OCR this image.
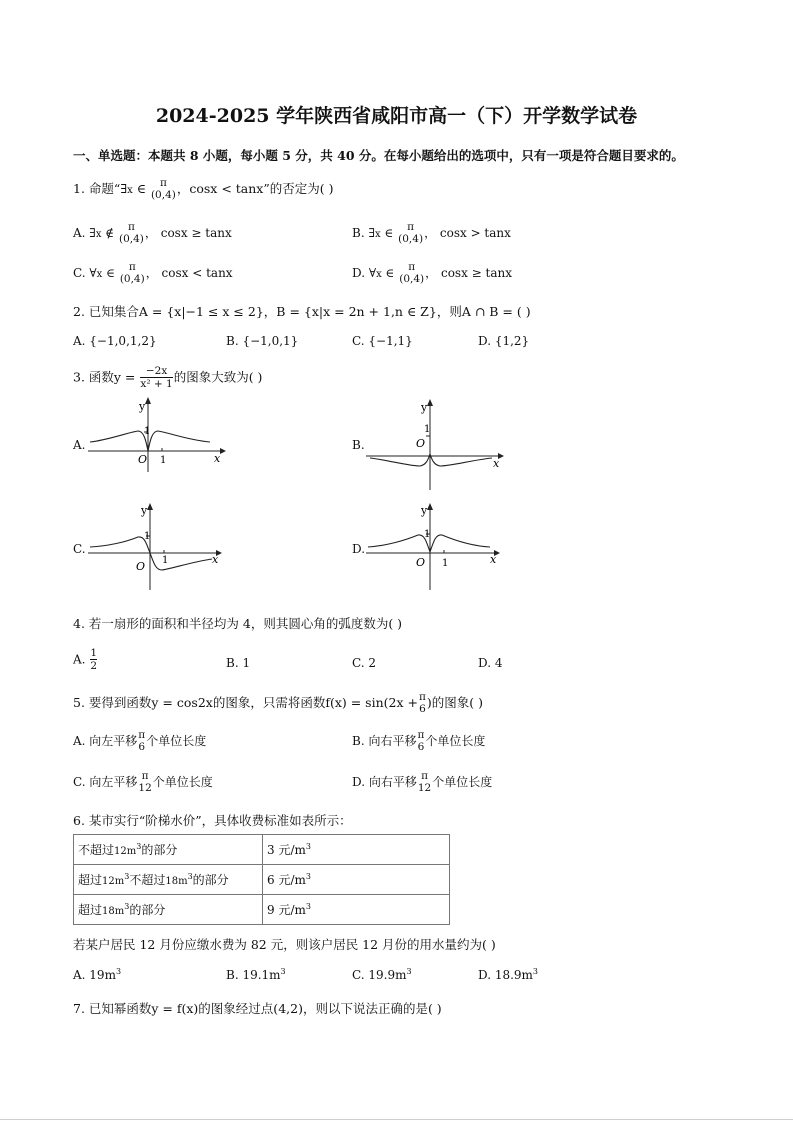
2024-2025 学年陕西省咸阳市高一（下）开学数学试卷
一、单选题：本题共 8 小题，每小题 5 分，共 40 分。在每小题给出的选项中，只有一项是符合题目要求的。
1. 命题“∃x ∈	π
(0,4) ，cosx < tanx”的否定为( )
A. ∃x ∉	π
(0,4) ， cosx ≥ tanx	B. ∃x ∈	π
(0,4) ， cosx > tanx
C. ∀x ∈	π
(0,4) ， cosx < tanx	D. ∀x ∈	π
(0,4) ， cosx ≥ tanx
2. 已知集合A = {x|−1 ≤ x ≤ 2}，B = {x|x = 2n + 1,n ∈ Z}，则A ∩ B = ( )
A. {−1,0,1,2}	B. {−1,0,1}	C. {−1,1}	D. {1,2}
3. 函数$y = \frac{-2x}{\text{x² + 1}}$ 的图象大致为( )
A.	B.
C.	D.
y
x
O
1
1
y
x
O
1
y
x
O
1
1
y
x
O
1
1
4. 若一扇形的面积和半径均为 4，则其圆心角的弧度数为( )
A. $\frac{1}{2}$	B. 1	C. 2	D. 4
5. 要得到函数y = cos2x的图象，只需将函数f(x) = sin(2x + π
6 )的图象( )
A. 向左平移 π
6 个单位长度	B. 向右平移 π
6 个单位长度
C. 向左平移 π
12 个单位长度	D. 向右平移 π
12 个单位长度
6. 某市实行“阶梯水价”，具体收费标准如表所示：
不超过$12m^3$的部分	3 元$/m^3$
超过$12m^3$不超过$18m^3$的部分	6 元$/m^3$
超过$18m^3$的部分	9 元$/m^3$
若某户居民 12 月份应缴水费为 82 元，则该户居民 12 月份的用水量约为( )
A. $19m^3$	B. $19.1m^3$	C. $19.9m^3$	D. $18.9m^3$
7. 已知幂函数y = f(x)的图象经过点(4,2)，则以下说法正确的是( )
